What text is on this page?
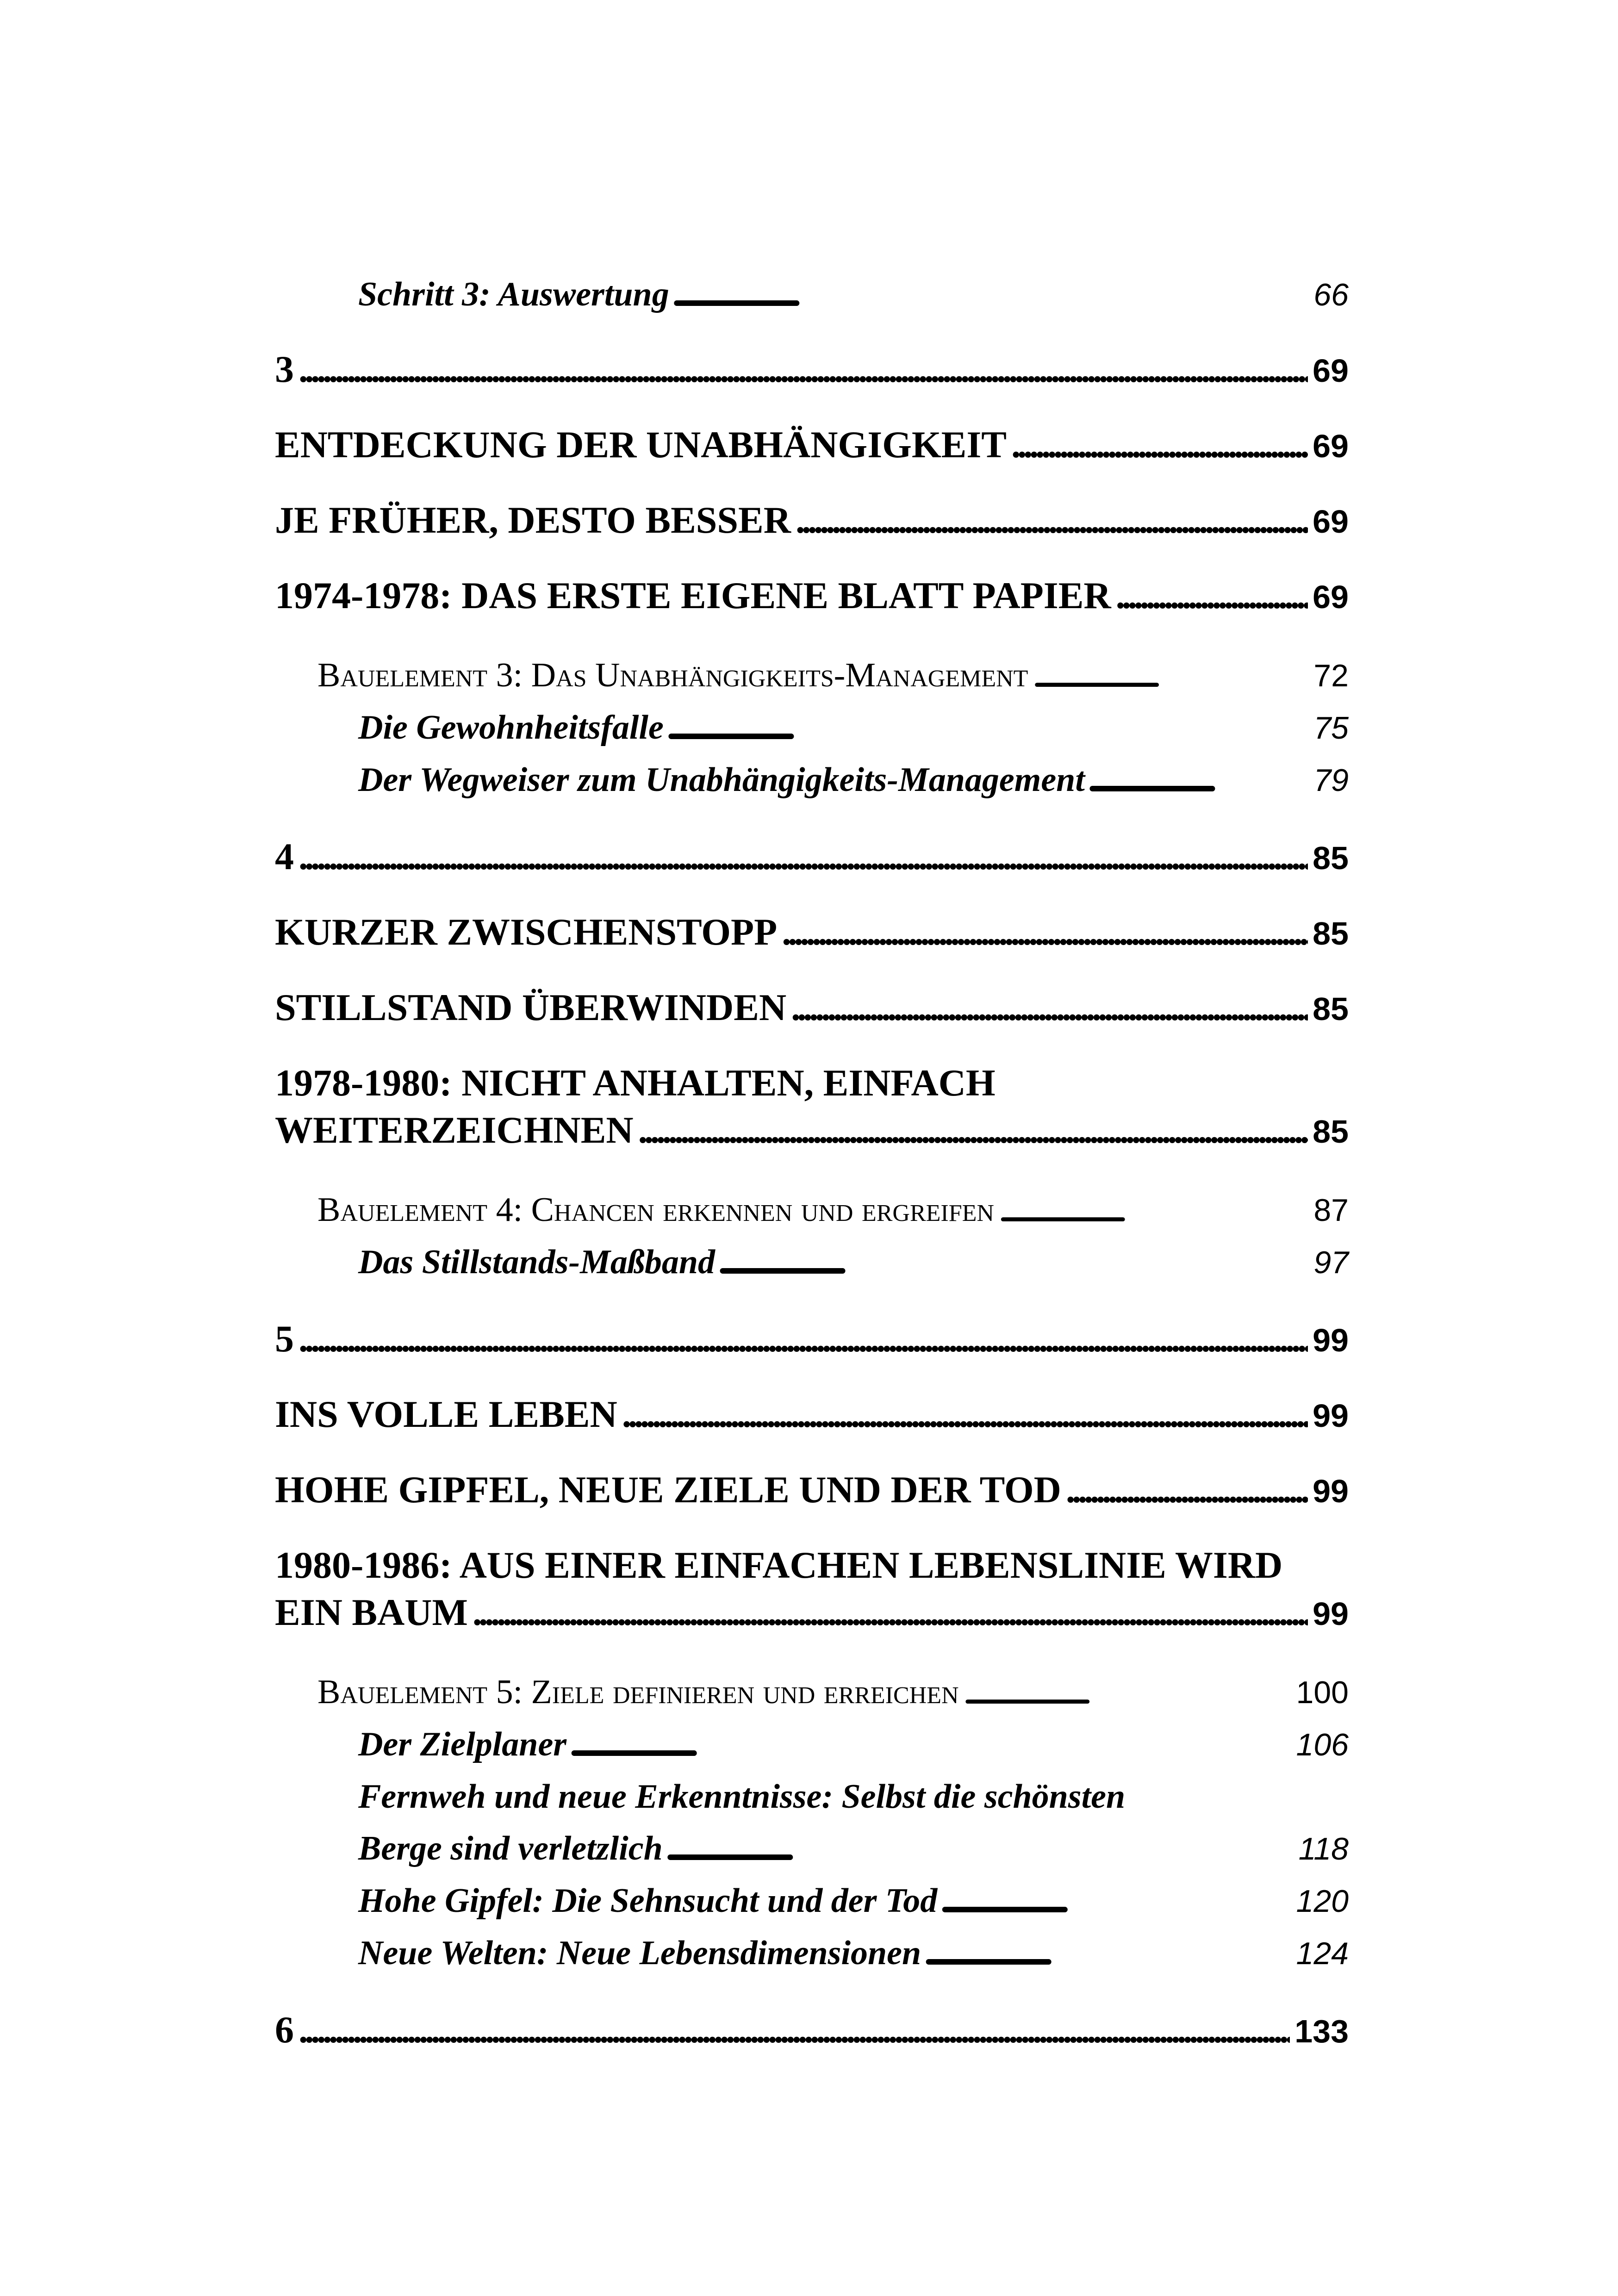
Schritt 3: Auswertung . . .	66
3 . . .	69
ENTDECKUNG DER UNABHÄNGIGKEIT . . .	69
JE FRÜHER, DESTO BESSER . . .	69
1974-1978: DAS ERSTE EIGENE BLATT PAPIER . . .	69
Bauelement 3: Das Unabhängigkeits-Management . . .	72
Die Gewohnheitsfalle . . .	75
Der Wegweiser zum Unabhängigkeits-Management . . .	79
4 . . .	85
KURZER ZWISCHENSTOPP . . .	85
STILLSTAND ÜBERWINDEN . . .	85
1978-1980: NICHT ANHALTEN, EINFACH
WEITERZEICHNEN . . .	85
Bauelement 4: Chancen erkennen und ergreifen . . .	87
Das Stillstands-Maßband . . .	97
5 . . .	99
INS VOLLE LEBEN . . .	99
HOHE GIPFEL, NEUE ZIELE UND DER TOD . . .	99
1980-1986: AUS EINER EINFACHEN LEBENSLINIE WIRD
EIN BAUM . . .	99
Bauelement 5: Ziele definieren und erreichen . . .	100
Der Zielplaner . . .	106
Fernweh und neue Erkenntnisse: Selbst die schönsten
Berge sind verletzlich . . .	118
Hohe Gipfel: Die Sehnsucht und der Tod . . .	120
Neue Welten: Neue Lebensdimensionen . . .	124
6 . . .	133
